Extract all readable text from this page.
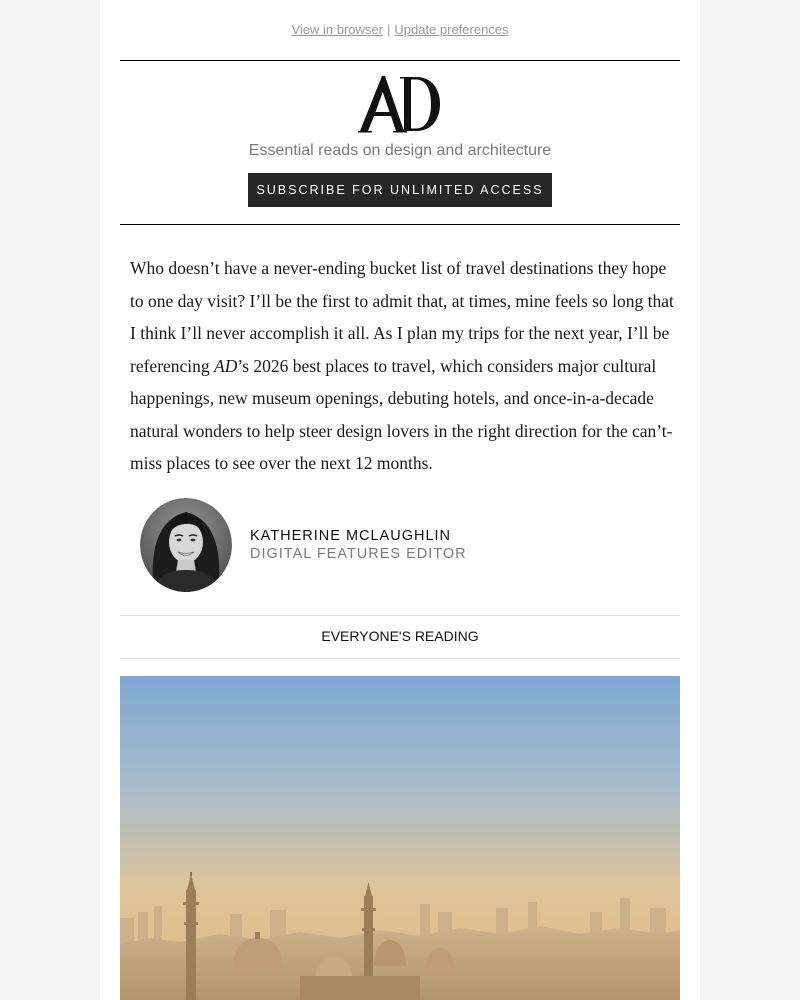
View in browser | Update preferences
Essential reads on design and architecture
SUBSCRIBE FOR UNLIMITED ACCESS

Who doesn’t have a never-ending bucket list of travel destinations they hope to one day visit? I’ll be the first to admit that, at times, mine feels so long that I think I’ll never accomplish it all. As I plan my trips for the next year, I’ll be referencing AD’s 2026 best places to travel, which considers major cultural happenings, new museum openings, debuting hotels, and once-in-a-decade natural wonders to help steer design lovers in the right direction for the can’t-miss places to see over the next 12 months.

KATHERINE MCLAUGHLIN
DIGITAL FEATURES EDITOR
EVERYONE'S READING
